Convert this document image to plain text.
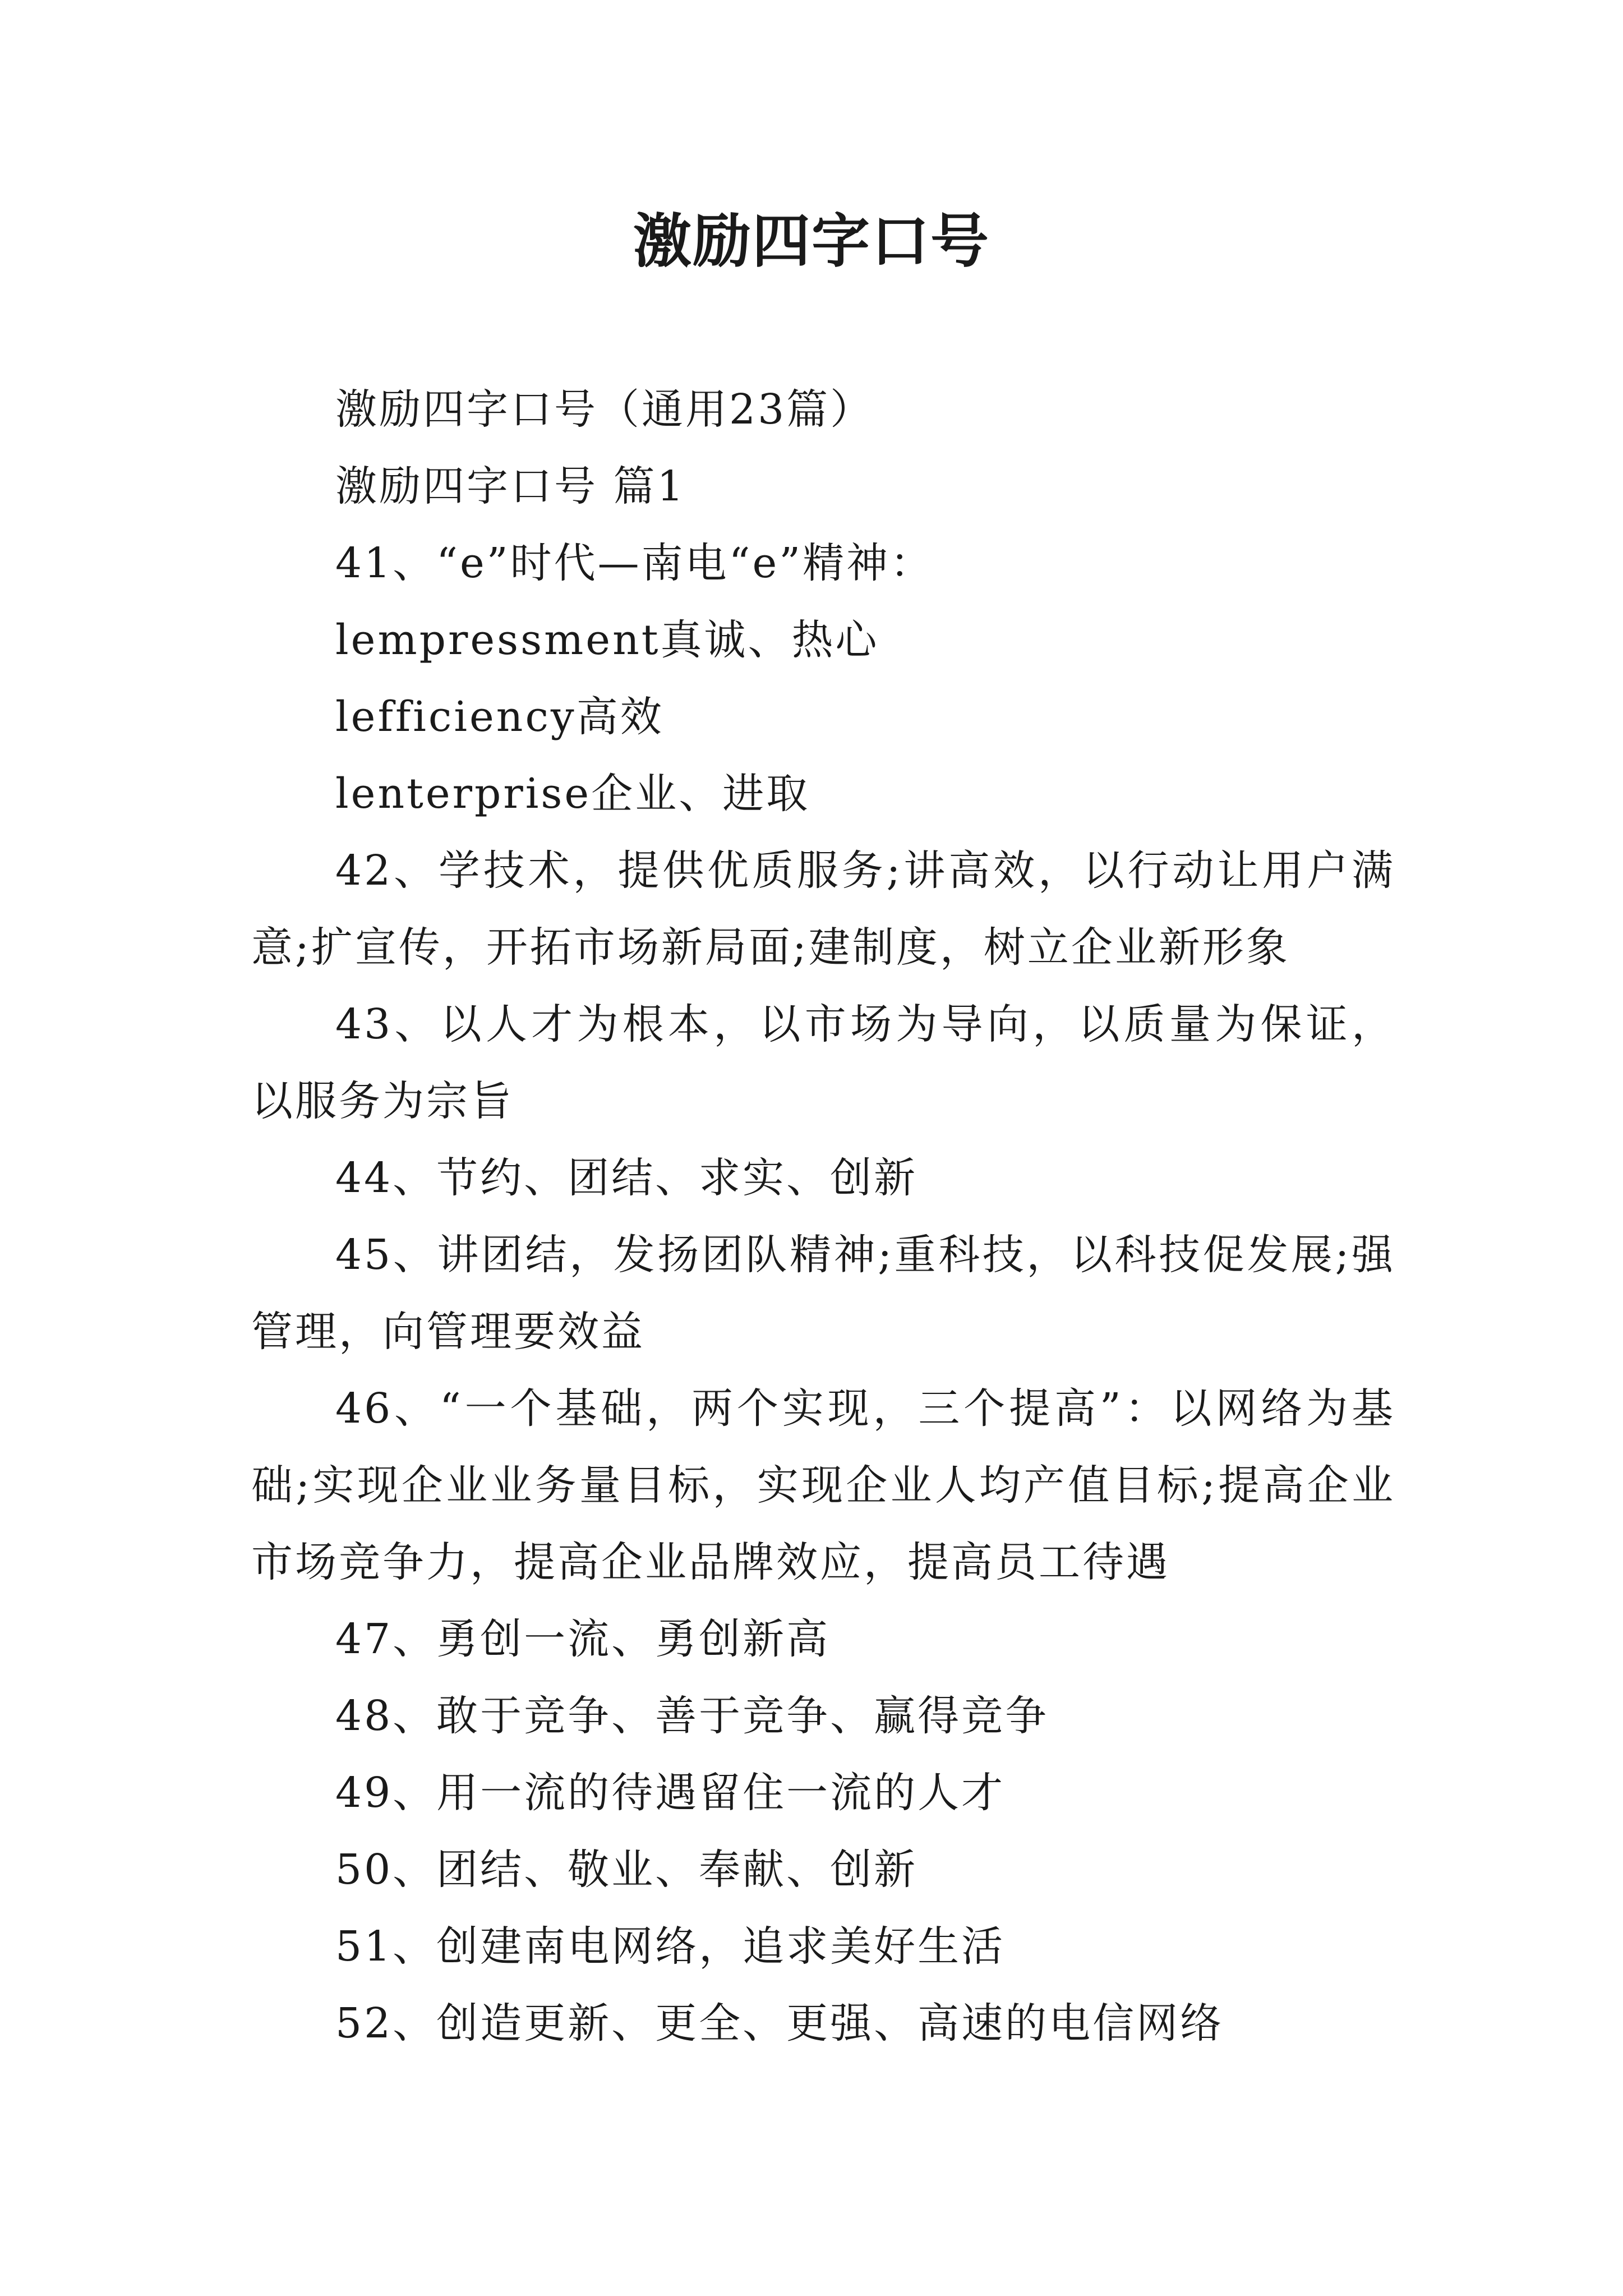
激励四字口号

激励四字口号（通用23篇）

激励四字口号 篇1

41、“e”时代—南电“e”精神：

lempressment真诚、热心

lefficiency高效

lenterprise企业、进取

42、学技术，提供优质服务;讲高效，以行动让用户满意;扩宣传，开拓市场新局面;建制度，树立企业新形象

43、以人才为根本，以市场为导向，以质量为保证，以服务为宗旨

44、节约、团结、求实、创新

45、讲团结，发扬团队精神;重科技，以科技促发展;强管理，向管理要效益

46、“一个基础，两个实现，三个提高”：以网络为基础;实现企业业务量目标，实现企业人均产值目标;提高企业市场竞争力，提高企业品牌效应，提高员工待遇

47、勇创一流、勇创新高

48、敢于竞争、善于竞争、赢得竞争

49、用一流的待遇留住一流的人才

50、团结、敬业、奉献、创新

51、创建南电网络，追求美好生活

52、创造更新、更全、更强、高速的电信网络
